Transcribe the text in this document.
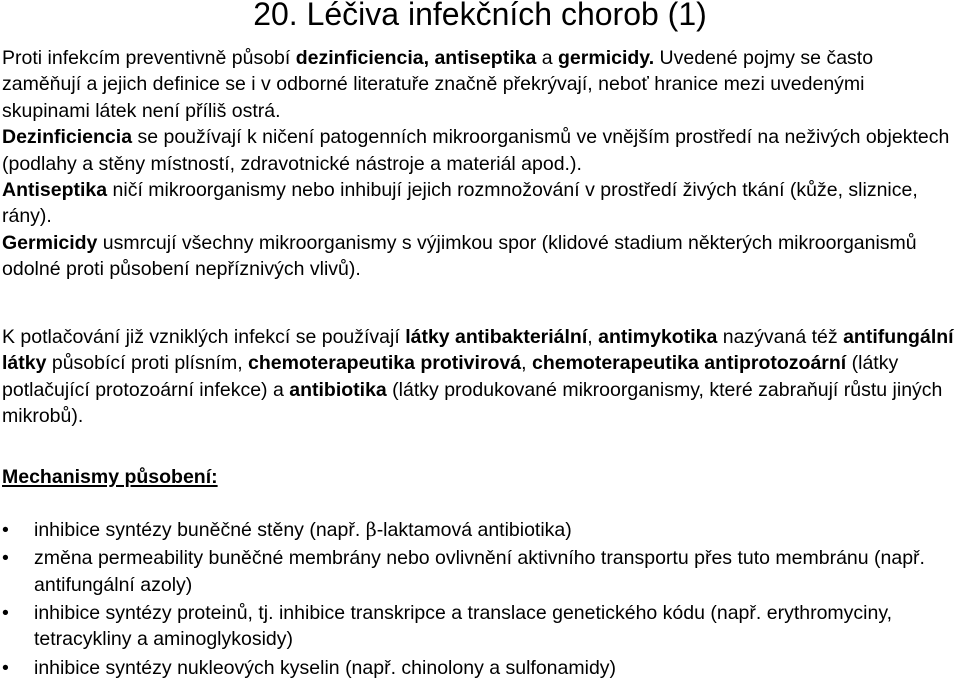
20. Léčiva infekčních chorob (1)

Proti infekcím preventivně působí dezinficiencia, antiseptika a germicidy. Uvedené pojmy se často zaměňují a jejich definice se i v odborné literatuře značně překrývají, neboť hranice mezi uvedenými skupinami látek není příliš ostrá.

Dezinficiencia se používají k ničení patogenních mikroorganismů ve vnějším prostředí na neživých objektech (podlahy a stěny místností, zdravotnické nástroje a materiál apod.).

Antiseptika ničí mikroorganismy nebo inhibují jejich rozmnožování v prostředí živých tkání (kůže, sliznice, rány).

Germicidy usmrcují všechny mikroorganismy s výjimkou spor (klidové stadium některých mikroorganismů odolné proti působení nepříznivých vlivů).

K potlačování již vzniklých infekcí se používají látky antibakteriální, antimykotika nazývaná též antifungální látky působící proti plísním, chemoterapeutika protivirová, chemoterapeutika antiprotozoární (látky potlačující protozoární infekce) a antibiotika (látky produkované mikroorganismy, které zabraňují růstu jiných mikrobů).

Mechanismy působení:
• inhibice syntézy buněčné stěny (např. β-laktamová antibiotika)
• změna permeability buněčné membrány nebo ovlivnění aktivního transportu přes tuto membránu (např. antifungální azoly)
• inhibice syntézy proteinů, tj. inhibice transkripce a translace genetického kódu (např. erythromyciny, tetracykliny a aminoglykosidy)
• inhibice syntézy nukleových kyselin (např. chinolony a sulfonamidy)
